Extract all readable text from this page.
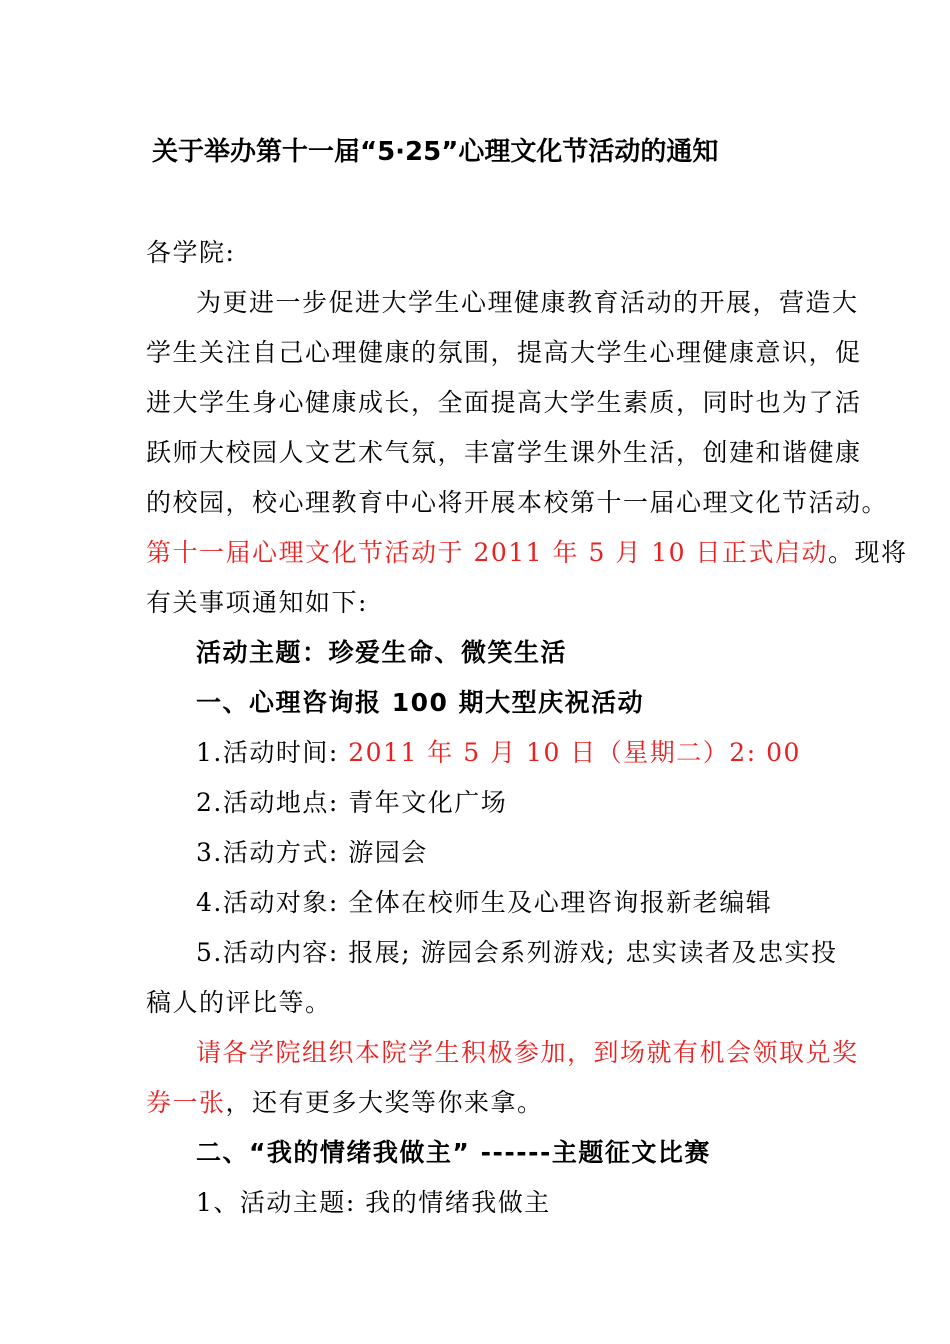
关于举办第十一届“5·25”心理文化节活动的通知
各学院:
为更进一步促进大学生心理健康教育活动的开展，营造大
学生关注自己心理健康的氛围，提高大学生心理健康意识，促
进大学生身心健康成长，全面提高大学生素质，同时也为了活
跃师大校园人文艺术气氛，丰富学生课外生活，创建和谐健康
的校园，校心理教育中心将开展本校第十一届心理文化节活动。
第十一届心理文化节活动于 2011 年 5 月 10 日正式启动。现将
有关事项通知如下:
活动主题：珍爱生命、微笑生活
一、心理咨询报 100 期大型庆祝活动
1.活动时间: 2011 年 5 月 10 日（星期二）2: 00
2.活动地点: 青年文化广场
3.活动方式: 游园会
4.活动对象: 全体在校师生及心理咨询报新老编辑
5.活动内容: 报展; 游园会系列游戏; 忠实读者及忠实投
稿人的评比等。
请各学院组织本院学生积极参加，到场就有机会领取兑奖
券一张，还有更多大奖等你来拿。
二、“我的情绪我做主” ------主题征文比赛
1、活动主题: 我的情绪我做主
